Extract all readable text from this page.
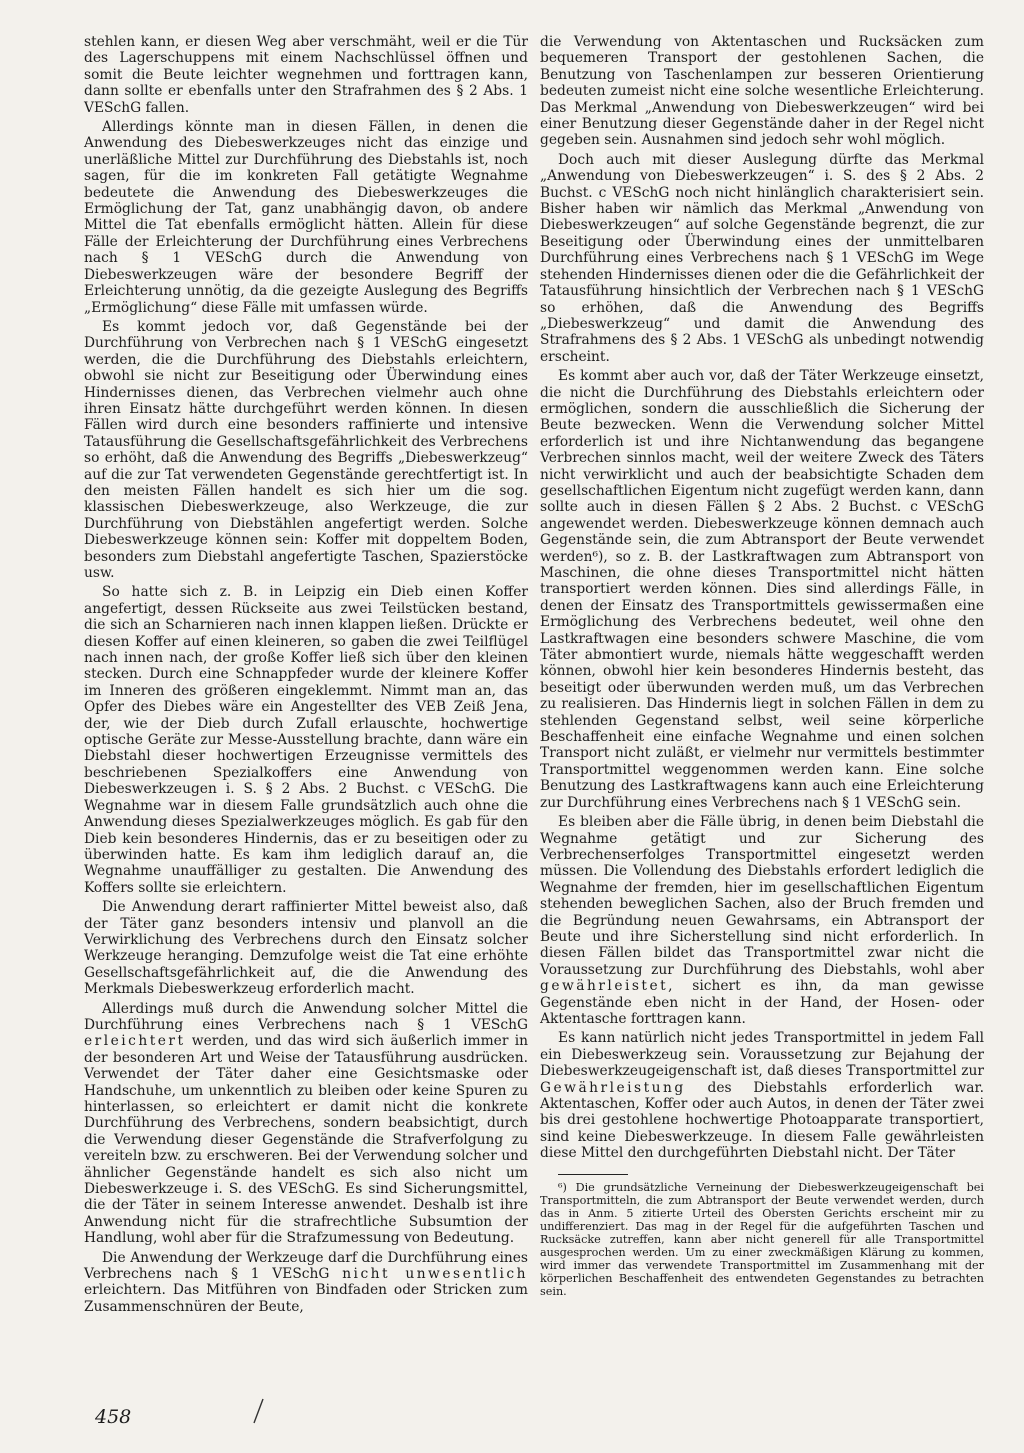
stehlen kann, er diesen Weg aber verschmäht, weil er die Tür des Lagerschuppens mit einem Nachschlüssel öffnen und somit die Beute leichter wegnehmen und forttragen kann, dann sollte er ebenfalls unter den Strafrahmen des § 2 Abs. 1 VESchG fallen.

Allerdings könnte man in diesen Fällen, in denen die Anwendung des Diebeswerkzeuges nicht das einzige und unerläßliche Mittel zur Durchführung des Diebstahls ist, noch sagen, für die im konkreten Fall getätigte Wegnahme bedeutete die Anwendung des Diebeswerkzeuges die Ermöglichung der Tat, ganz unabhängig davon, ob andere Mittel die Tat ebenfalls ermöglicht hätten. Allein für diese Fälle der Erleichterung der Durchführung eines Verbrechens nach § 1 VESchG durch die Anwendung von Diebeswerkzeugen wäre der besondere Begriff der Erleichterung unnötig, da die gezeigte Auslegung des Begriffs „Ermöglichung“ diese Fälle mit umfassen würde.

Es kommt jedoch vor, daß Gegenstände bei der Durchführung von Verbrechen nach § 1 VESchG eingesetzt werden, die die Durchführung des Diebstahls erleichtern, obwohl sie nicht zur Beseitigung oder Überwindung eines Hindernisses dienen, das Verbrechen vielmehr auch ohne ihren Einsatz hätte durchgeführt werden können. In diesen Fällen wird durch eine besonders raffinierte und intensive Tatausführung die Gesellschaftsgefährlichkeit des Verbrechens so erhöht, daß die Anwendung des Begriffs „Diebeswerkzeug“ auf die zur Tat verwendeten Gegenstände gerechtfertigt ist. In den meisten Fällen handelt es sich hier um die sog. klassischen Diebeswerkzeuge, also Werkzeuge, die zur Durchführung von Diebstählen angefertigt werden. Solche Diebeswerkzeuge können sein: Koffer mit doppeltem Boden, besonders zum Diebstahl angefertigte Taschen, Spazierstöcke usw.

So hatte sich z. B. in Leipzig ein Dieb einen Koffer angefertigt, dessen Rückseite aus zwei Teilstücken bestand, die sich an Scharnieren nach innen klappen ließen. Drückte er diesen Koffer auf einen kleineren, so gaben die zwei Teilflügel nach innen nach, der große Koffer ließ sich über den kleinen stecken. Durch eine Schnappfeder wurde der kleinere Koffer im Inneren des größeren eingeklemmt. Nimmt man an, das Opfer des Diebes wäre ein Angestellter des VEB Zeiß Jena, der, wie der Dieb durch Zufall erlauschte, hochwertige optische Geräte zur Messe-Ausstellung brachte, dann wäre ein Diebstahl dieser hochwertigen Erzeugnisse vermittels des beschriebenen Spezialkoffers eine Anwendung von Diebeswerkzeugen i. S. § 2 Abs. 2 Buchst. c VESchG. Die Wegnahme war in diesem Falle grundsätzlich auch ohne die Anwendung dieses Spezialwerkzeuges möglich. Es gab für den Dieb kein besonderes Hindernis, das er zu beseitigen oder zu überwinden hatte. Es kam ihm lediglich darauf an, die Wegnahme unauffälliger zu gestalten. Die Anwendung des Koffers sollte sie erleichtern.

Die Anwendung derart raffinierter Mittel beweist also, daß der Täter ganz besonders intensiv und planvoll an die Verwirklichung des Verbrechens durch den Einsatz solcher Werkzeuge heranging. Demzufolge weist die Tat eine erhöhte Gesellschaftsgefährlichkeit auf, die die Anwendung des Merkmals Diebeswerkzeug erforderlich macht.

Allerdings muß durch die Anwendung solcher Mittel die Durchführung eines Verbrechens nach § 1 VESchG erleichtert werden, und das wird sich äußerlich immer in der besonderen Art und Weise der Tatausführung ausdrücken. Verwendet der Täter daher eine Gesichtsmaske oder Handschuhe, um unkenntlich zu bleiben oder keine Spuren zu hinterlassen, so erleichtert er damit nicht die konkrete Durchführung des Verbrechens, sondern beabsichtigt, durch die Verwendung dieser Gegenstände die Strafverfolgung zu vereiteln bzw. zu erschweren. Bei der Verwendung solcher und ähnlicher Gegenstände handelt es sich also nicht um Diebeswerkzeuge i. S. des VESchG. Es sind Sicherungsmittel, die der Täter in seinem Interesse anwendet. Deshalb ist ihre Anwendung nicht für die strafrechtliche Subsumtion der Handlung, wohl aber für die Strafzumessung von Bedeutung.

Die Anwendung der Werkzeuge darf die Durchführung eines Verbrechens nach § 1 VESchG nicht unwesentlich erleichtern. Das Mitführen von Bindfaden oder Stricken zum Zusammenschnüren der Beute,

die Verwendung von Aktentaschen und Rucksäcken zum bequemeren Transport der gestohlenen Sachen, die Benutzung von Taschenlampen zur besseren Orientierung bedeuten zumeist nicht eine solche wesentliche Erleichterung. Das Merkmal „Anwendung von Diebeswerkzeugen“ wird bei einer Benutzung dieser Gegenstände daher in der Regel nicht gegeben sein. Ausnahmen sind jedoch sehr wohl möglich.

Doch auch mit dieser Auslegung dürfte das Merkmal „Anwendung von Diebeswerkzeugen“ i. S. des § 2 Abs. 2 Buchst. c VESchG noch nicht hinlänglich charakterisiert sein. Bisher haben wir nämlich das Merkmal „Anwendung von Diebeswerkzeugen“ auf solche Gegenstände begrenzt, die zur Beseitigung oder Überwindung eines der unmittelbaren Durchführung eines Verbrechens nach § 1 VESchG im Wege stehenden Hindernisses dienen oder die die Gefährlichkeit der Tatausführung hinsichtlich der Verbrechen nach § 1 VESchG so erhöhen, daß die Anwendung des Begriffs „Diebeswerkzeug“ und damit die Anwendung des Strafrahmens des § 2 Abs. 1 VESchG als unbedingt notwendig erscheint.

Es kommt aber auch vor, daß der Täter Werkzeuge einsetzt, die nicht die Durchführung des Diebstahls erleichtern oder ermöglichen, sondern die ausschließlich die Sicherung der Beute bezwecken. Wenn die Verwendung solcher Mittel erforderlich ist und ihre Nichtanwendung das begangene Verbrechen sinnlos macht, weil der weitere Zweck des Täters nicht verwirklicht und auch der beabsichtigte Schaden dem gesellschaftlichen Eigentum nicht zugefügt werden kann, dann sollte auch in diesen Fällen § 2 Abs. 2 Buchst. c VESchG angewendet werden. Diebeswerkzeuge können demnach auch Gegenstände sein, die zum Abtransport der Beute verwendet werden⁶), so z. B. der Lastkraftwagen zum Abtransport von Maschinen, die ohne dieses Transportmittel nicht hätten transportiert werden können. Dies sind allerdings Fälle, in denen der Einsatz des Transportmittels gewissermaßen eine Ermöglichung des Verbrechens bedeutet, weil ohne den Lastkraftwagen eine besonders schwere Maschine, die vom Täter abmontiert wurde, niemals hätte weggeschafft werden können, obwohl hier kein besonderes Hindernis besteht, das beseitigt oder überwunden werden muß, um das Verbrechen zu realisieren. Das Hindernis liegt in solchen Fällen in dem zu stehlenden Gegenstand selbst, weil seine körperliche Beschaffenheit eine einfache Wegnahme und einen solchen Transport nicht zuläßt, er vielmehr nur vermittels bestimmter Transportmittel weggenommen werden kann. Eine solche Benutzung des Lastkraftwagens kann auch eine Erleichterung zur Durchführung eines Verbrechens nach § 1 VESchG sein.

Es bleiben aber die Fälle übrig, in denen beim Diebstahl die Wegnahme getätigt und zur Sicherung des Verbrechenserfolges Transportmittel eingesetzt werden müssen. Die Vollendung des Diebstahls erfordert lediglich die Wegnahme der fremden, hier im gesellschaftlichen Eigentum stehenden beweglichen Sachen, also der Bruch fremden und die Begründung neuen Gewahrsams, ein Abtransport der Beute und ihre Sicherstellung sind nicht erforderlich. In diesen Fällen bildet das Transportmittel zwar nicht die Voraussetzung zur Durchführung des Diebstahls, wohl aber gewährleistet, sichert es ihn, da man gewisse Gegenstände eben nicht in der Hand, der Hosen- oder Aktentasche forttragen kann.

Es kann natürlich nicht jedes Transportmittel in jedem Fall ein Diebeswerkzeug sein. Voraussetzung zur Bejahung der Diebeswerkzeugeigenschaft ist, daß dieses Transportmittel zur Gewährleistung des Diebstahls erforderlich war. Aktentaschen, Koffer oder auch Autos, in denen der Täter zwei bis drei gestohlene hochwertige Photoapparate transportiert, sind keine Diebeswerkzeuge. In diesem Falle gewährleisten diese Mittel den durchgeführten Diebstahl nicht. Der Täter

⁶) Die grundsätzliche Verneinung der Diebeswerkzeugeigenschaft bei Transportmitteln, die zum Abtransport der Beute verwendet werden, durch das in Anm. 5 zitierte Urteil des Obersten Gerichts erscheint mir zu undifferenziert. Das mag in der Regel für die aufgeführten Taschen und Rucksäcke zutreffen, kann aber nicht generell für alle Transportmittel ausgesprochen werden. Um zu einer zweckmäßigen Klärung zu kommen, wird immer das verwendete Transportmittel im Zusammenhang mit der körperlichen Beschaffenheit des entwendeten Gegenstandes zu betrachten sein.

458
